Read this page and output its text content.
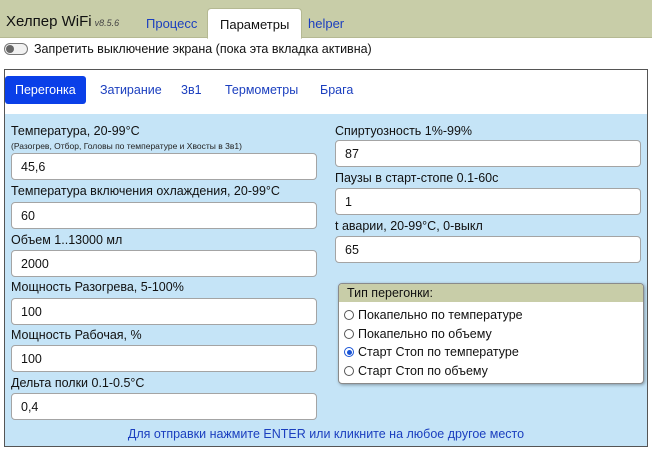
Хелпер WiFi v8.5.6	Процесс	Параметры	helper
Запретить выключение экрана (пока эта вкладка активна)
Перегонка	Затирание 3в1 Термометры Брага
Температура, 20-99°C
(Разогрев, Отбор, Головы по температуре и Хвосты в 3в1)
45,6
Температура включения охлаждения, 20-99°C
60
Объем 1..13000 мл
2000
Мощность Разогрева, 5-100%
100
Мощность Рабочая, %
100
Дельта полки 0.1-0.5°C
0,4
Спиртуозность 1%-99%
87
Паузы в старт-стопе 0.1-60с
1
t аварии, 20-99°C, 0-выкл
65
Тип перегонки:
Покапельно по температуре
Покапельно по объему
Старт Стоп по температуре
Старт Стоп по объему
Для отправки нажмите ENTER или кликните на любое другое место
